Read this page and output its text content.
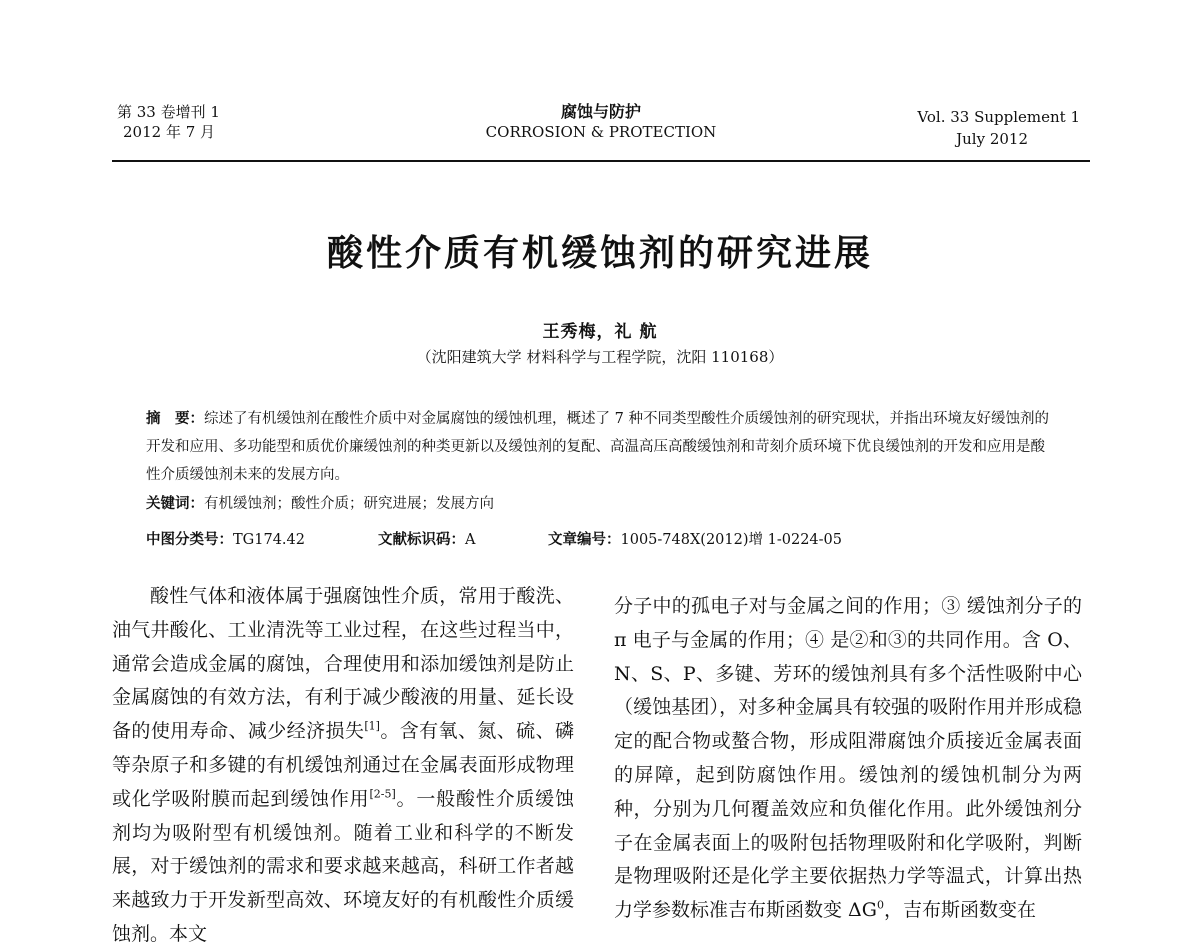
第 33 卷增刊 1
2012 年 7 月
腐蚀与防护
CORROSION & PROTECTION
Vol. 33 Supplement 1
July 2012
酸性介质有机缓蚀剂的研究进展
王秀梅，礼 航
（沈阳建筑大学 材料科学与工程学院，沈阳 110168）
摘　要：综述了有机缓蚀剂在酸性介质中对金属腐蚀的缓蚀机理，概述了 7 种不同类型酸性介质缓蚀剂的研究现状，并指出环境友好缓蚀剂的开发和应用、多功能型和质优价廉缓蚀剂的种类更新以及缓蚀剂的复配、高温高压高酸缓蚀剂和苛刻介质环境下优良缓蚀剂的开发和应用是酸性介质缓蚀剂未来的发展方向。
关键词：有机缓蚀剂；酸性介质；研究进展；发展方向
中图分类号：TG174.42	文献标识码：A	文章编号：1005-748X(2012)增 1-0224-05
酸性气体和液体属于强腐蚀性介质，常用于酸洗、油气井酸化、工业清洗等工业过程，在这些过程当中，通常会造成金属的腐蚀，合理使用和添加缓蚀剂是防止金属腐蚀的有效方法，有利于减少酸液的用量、延长设备的使用寿命、减少经济损失[1]。含有氧、氮、硫、磷等杂原子和多键的有机缓蚀剂通过在金属表面形成物理或化学吸附膜而起到缓蚀作用[2-5]。一般酸性介质缓蚀剂均为吸附型有机缓蚀剂。随着工业和科学的不断发展，对于缓蚀剂的需求和要求越来越高，科研工作者越来越致力于开发新型高效、环境友好的有机酸性介质缓蚀剂。本文
分子中的孤电子对与金属之间的作用；③ 缓蚀剂分子的 π 电子与金属的作用；④ 是②和③的共同作用。含 O、N、S、P、多键、芳环的缓蚀剂具有多个活性吸附中心（缓蚀基团），对多种金属具有较强的吸附作用并形成稳定的配合物或螯合物，形成阻滞腐蚀介质接近金属表面的屏障，起到防腐蚀作用。缓蚀剂的缓蚀机制分为两种，分别为几何覆盖效应和负催化作用。此外缓蚀剂分子在金属表面上的吸附包括物理吸附和化学吸附，判断是物理吸附还是化学主要依据热力学等温式，计算出热力学参数标准吉布斯函数变 $\Delta G^0$，吉布斯函数变在
